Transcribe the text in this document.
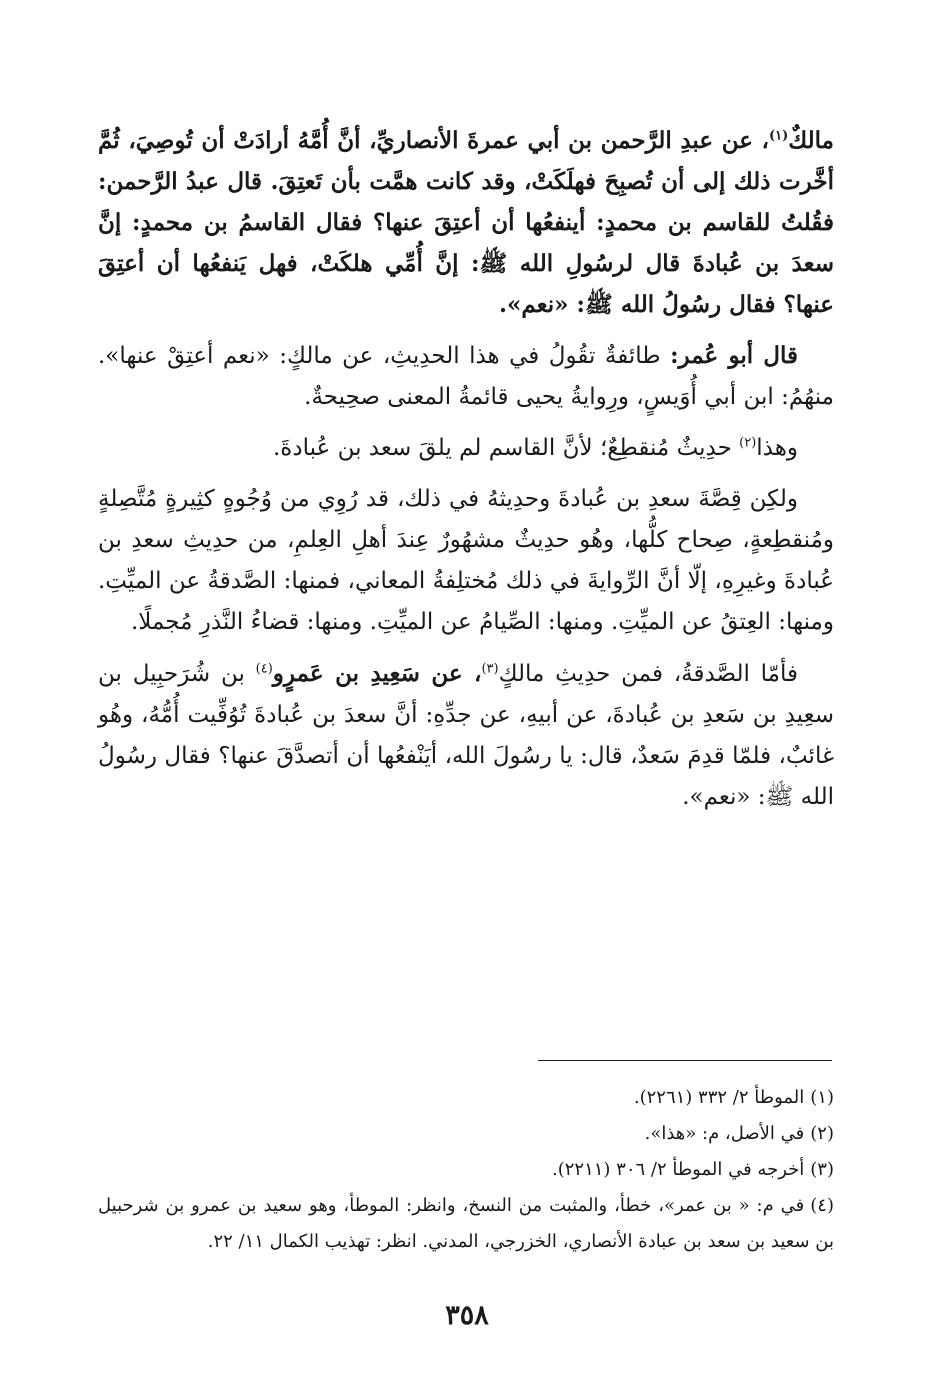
مالكٌ$^{(١)}$، عن عبدِ الرَّحمن بن أبي عمرةَ الأنصاريِّ، أنَّ أُمَّهُ أرادَتْ أن تُوصِيَ، ثُمَّ أخَّرت ذلك إلى أن تُصبِحَ فهلَكَتْ، وقد كانت همَّت بأن تَعتِقَ. قال عبدُ الرَّحمن: فقُلتُ للقاسم بن محمدٍ: أينفعُها أن أعتِقَ عنها؟ فقال القاسمُ بن محمدٍ: إنَّ سعدَ بن عُبادةَ قال لرسُولِ الله ﷺ: إنَّ أُمِّي هلكَتْ، فهل يَنفعُها أن أعتِقَ عنها؟ فقال رسُولُ الله ﷺ: «نعم».

قال أبو عُمر: طائفةٌ تقُولُ في هذا الحدِيثِ، عن مالكٍ: «نعم أعتِقْ عنها». منهُمُ: ابن أبي أُوَيسٍ، ورِوايةُ يحيى قائمةُ المعنى صحِيحةٌ.

وهذا$^{(٢)}$ حدِيثٌ مُنقطِعٌ؛ لأنَّ القاسم لم يلقَ سعد بن عُبادةَ.

ولكِن قِصَّةَ سعدِ بن عُبادةَ وحدِيثهُ في ذلك، قد رُوِي من وُجُوهٍ كثِيرةٍ مُتَّصِلةٍ ومُنقطِعةٍ، صِحاح كلُّها، وهُو حدِيثٌ مشهُورٌ عِندَ أهلِ العِلمِ، من حدِيثِ سعدِ بن عُبادةَ وغيرِهِ، إلّا أنَّ الرِّوايةَ في ذلك مُختلِفةُ المعاني، فمنها: الصَّدقةُ عن الميِّتِ. ومنها: العِتقُ عن الميِّتِ. ومنها: الصِّيامُ عن الميِّتِ. ومنها: قضاءُ النَّذرِ مُجملًا.

فأمّا الصَّدقةُ، فمن حدِيثِ مالكٍ$^{(٣)}$، عن سَعِيدِ بن عَمرٍو$^{(٤)}$ بن شُرَحبِيل بن سعِيدِ بن سَعدِ بن عُبادةَ، عن أبيهِ، عن جدِّهِ: أنَّ سعدَ بن عُبادةَ تُوُفِّيت أُمُّهُ، وهُو غائبٌ، فلمّا قدِمَ سَعدٌ، قال: يا رسُولَ الله، أيَنْفعُها أن أتصدَّقَ عنها؟ فقال رسُولُ الله ﷺ: «نعم».

(١)الموطأ ٢/ ٣٣٢ (٢٢٦١).

(٢)في الأصل، م: «هذا».

(٣)أخرجه في الموطأ ٢/ ٣٠٦ (٢٢١١).

(٤)في م: « بن عمر»، خطأ، والمثبت من النسخ، وانظر: الموطأ، وهو سعيد بن عمرو بن شرحبيل بن سعيد بن سعد بن عبادة الأنصاري، الخزرجي، المدني. انظر: تهذيب الكمال ١١/ ٢٢.

٣٥٨
